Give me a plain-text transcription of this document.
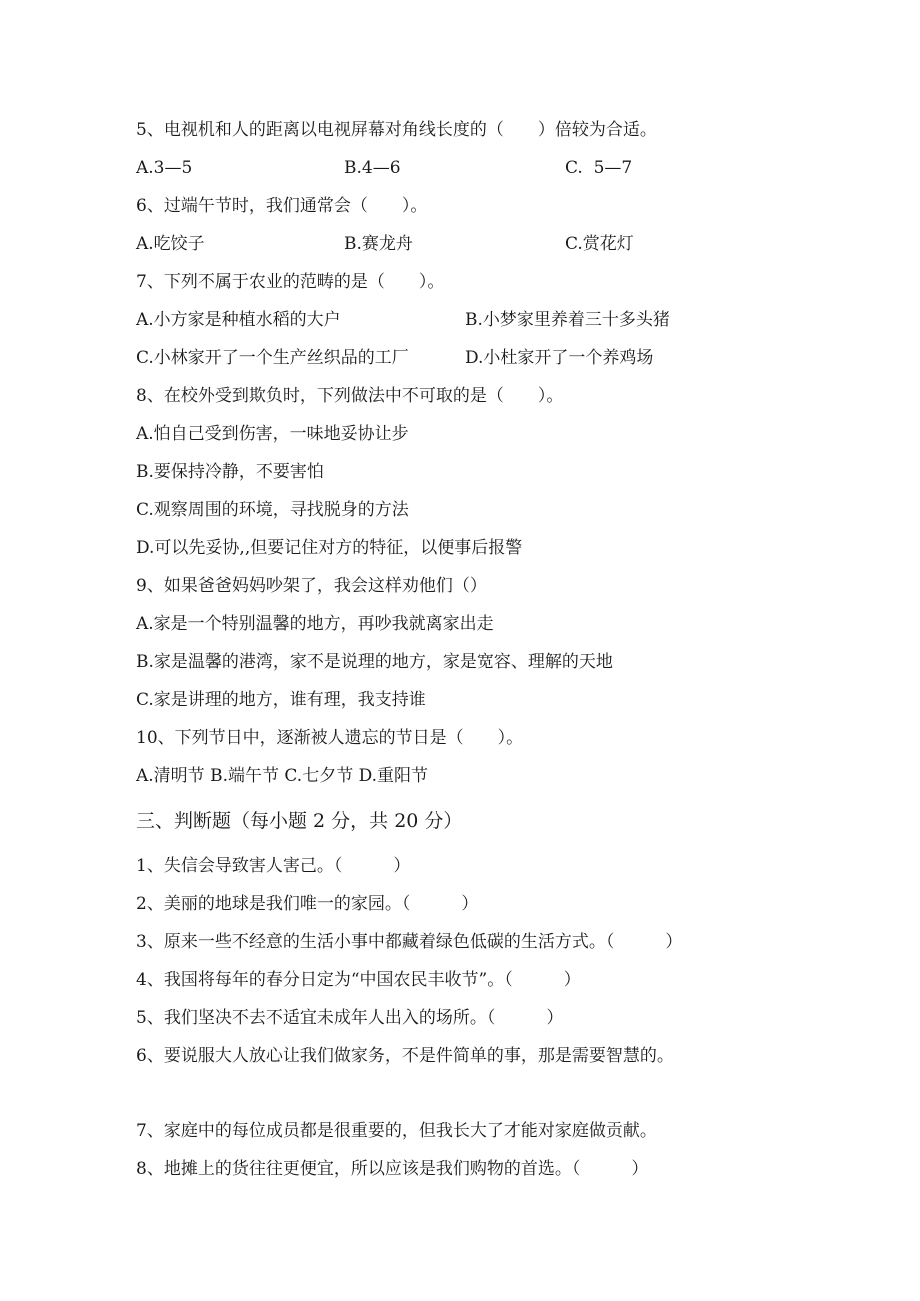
5、电视机和人的距离以电视屏幕对角线长度的（　　）倍较为合适。
A.3—5	B.4—6	C.  5—7
6、过端午节时，我们通常会（　　）。
A.吃饺子	B.赛龙舟	C.赏花灯
7、下列不属于农业的范畴的是（　　）。
A.小方家是种植水稻的大户	B.小梦家里养着三十多头猪
C.小林家开了一个生产丝织品的工厂	D.小杜家开了一个养鸡场
8、在校外受到欺负时，下列做法中不可取的是（　　）。
A.怕自己受到伤害，一味地妥协让步
B.要保持冷静，不要害怕
C.观察周围的环境，寻找脱身的方法
D.可以先妥协,,但要记住对方的特征，以便事后报警
9、如果爸爸妈妈吵架了，我会这样劝他们（）
A.家是一个特别温馨的地方，再吵我就离家出走
B.家是温馨的港湾，家不是说理的地方，家是宽容、理解的天地
C.家是讲理的地方，谁有理，我支持谁
10、下列节日中，逐渐被人遗忘的节日是（　　）。
A.清明节 B.端午节 C.七夕节 D.重阳节
三、判断题（每小题 2 分，共 20 分）
1、失信会导致害人害己。（　　　）
2、美丽的地球是我们唯一的家园。（　　　）
3、原来一些不经意的生活小事中都藏着绿色低碳的生活方式。（　　　）
4、我国将每年的春分日定为“中国农民丰收节”。（　　　）
5、我们坚决不去不适宜未成年人出入的场所。（　　　）
6、要说服大人放心让我们做家务，不是件简单的事，那是需要智慧的。
7、家庭中的每位成员都是很重要的，但我长大了才能对家庭做贡献。
8、地摊上的货往往更便宜，所以应该是我们购物的首选。（　　　）
